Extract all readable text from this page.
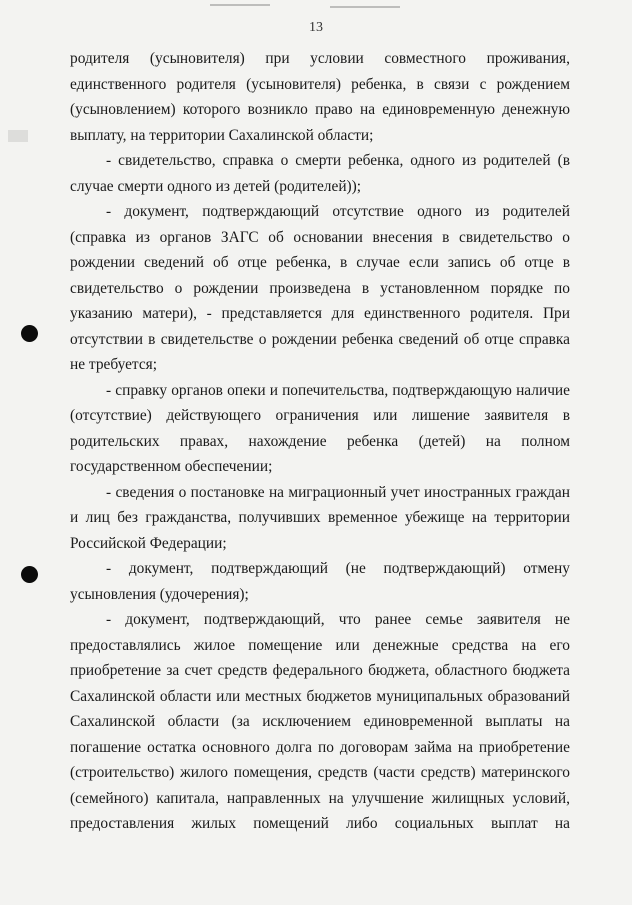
13

родителя (усыновителя) при условии совместного проживания, единственного родителя (усыновителя) ребенка, в связи с рождением (усыновлением) которого возникло право на единовременную денежную выплату, на территории Сахалинской области;

- свидетельство, справка о смерти ребенка, одного из родителей (в случае смерти одного из детей (родителей));

- документ, подтверждающий отсутствие одного из родителей (справка из органов ЗАГС об основании внесения в свидетельство о рождении сведений об отце ребенка, в случае если запись об отце в свидетельство о рождении произведена в установленном порядке по указанию матери), - представляется для единственного родителя. При отсутствии в свидетельстве о рождении ребенка сведений об отце справка не требуется;

- справку органов опеки и попечительства, подтверждающую наличие (отсутствие) действующего ограничения или лишение заявителя в родительских правах, нахождение ребенка (детей) на полном государственном обеспечении;

- сведения о постановке на миграционный учет иностранных граждан и лиц без гражданства, получивших временное убежище на территории Российской Федерации;

- документ, подтверждающий (не подтверждающий) отмену усыновления (удочерения);

- документ, подтверждающий, что ранее семье заявителя не предоставлялись жилое помещение или денежные средства на его приобретение за счет средств федерального бюджета, областного бюджета Сахалинской области или местных бюджетов муниципальных образований Сахалинской области (за исключением единовременной выплаты на погашение остатка основного долга по договорам займа на приобретение (строительство) жилого помещения, средств (части средств) материнского (семейного) капитала, направленных на улучшение жилищных условий, предоставления жилых помещений либо социальных выплат на
